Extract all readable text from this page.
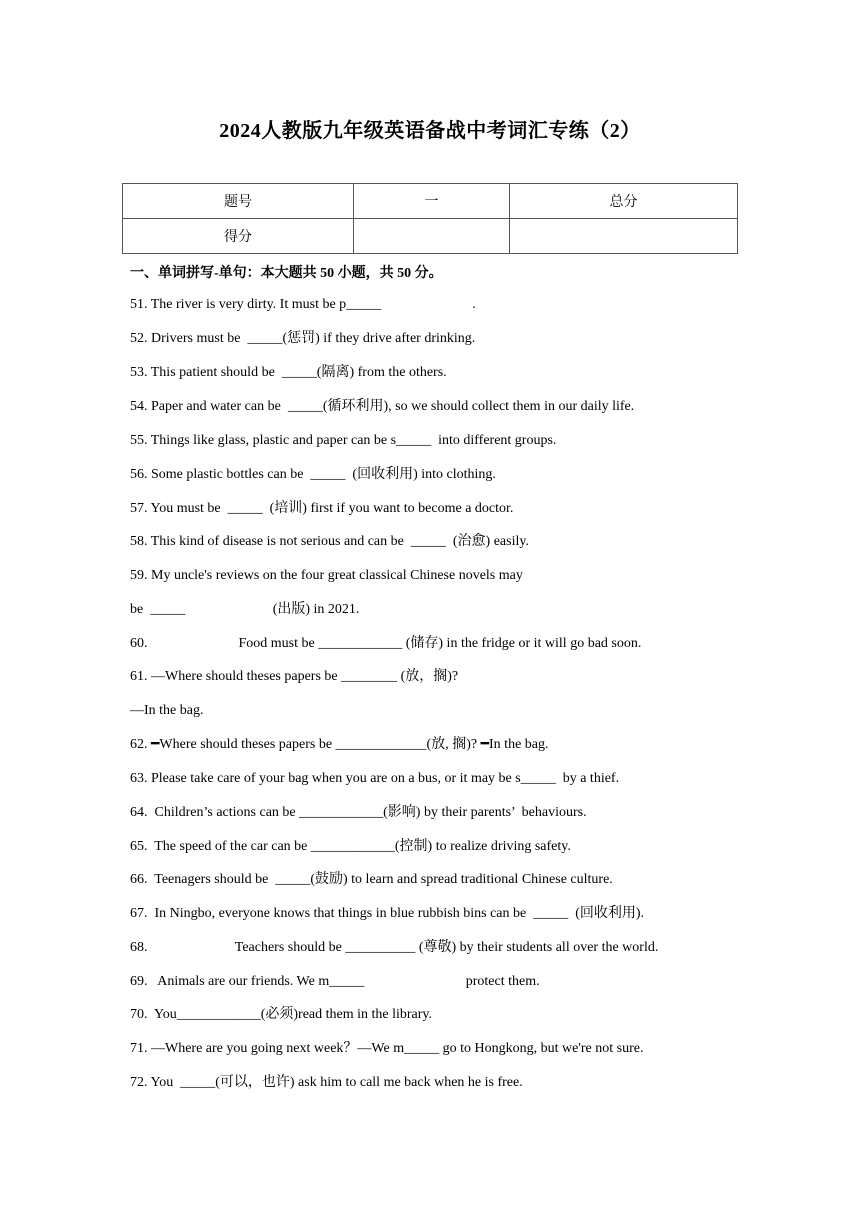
2024人教版九年级英语备战中考词汇专练（2）
题号	一	总分
得分		
一、单词拼写-单句：本大题共 50 小题，共 50 分。
51. The river is very dirty. It must be p_____                          .
52. Drivers must be  _____(惩罚) if they drive after drinking.
53. This patient should be  _____(隔离) from the others.
54. Paper and water can be  _____(循环利用), so we should collect them in our daily life.
55. Things like glass, plastic and paper can be s_____  into different groups.
56. Some plastic bottles can be  _____  (回收利用) into clothing.
57. You must be  _____  (培训) first if you want to become a doctor.
58. This kind of disease is not serious and can be  _____  (治愈) easily.
59. My uncle's reviews on the four great classical Chinese novels may
be  _____                         (出版) in 2021.
60.                          Food must be ____________ (储存) in the fridge or it will go bad soon.
61. —Where should theses papers be ________ (放，搁)?
—In the bag.
62. ━Where should theses papers be _____________(放, 搁)? ━In the bag.
63. Please take care of your bag when you are on a bus, or it may be s_____  by a thief.
64.  Children’s actions can be ____________(影响) by their parents’  behaviours.
65.  The speed of the car can be ____________(控制) to realize driving safety.
66.  Teenagers should be  _____(鼓励) to learn and spread traditional Chinese culture.
67.  In Ningbo, everyone knows that things in blue rubbish bins can be  _____  (回收利用).
68.                         Teachers should be __________ (尊敬) by their students all over the world.
69.   Animals are our friends. We m_____                             protect them.
70.  You____________(必须)read them in the library.
71. —Where are you going next week？—We m_____ go to Hongkong, but we're not sure.
72. You  _____(可以，也许) ask him to call me back when he is free.
